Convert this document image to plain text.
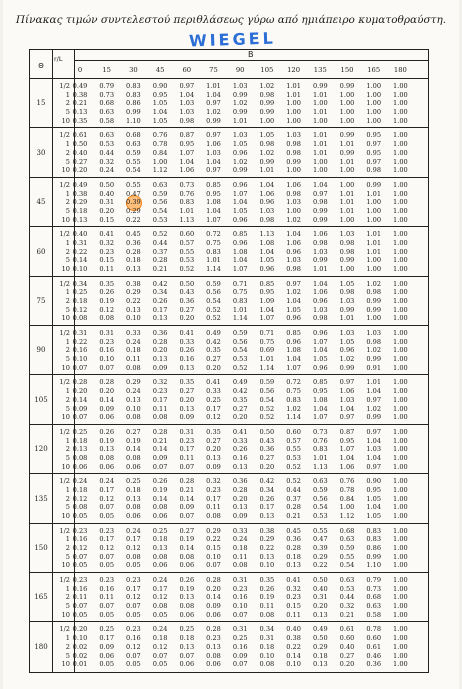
Πίνακας τιμών συντελεστού περιθλάσεως γύρω από ημιάπειρο κυματοθραύστη.
WIEGEL
Θ
r/L	B
0	15	30	45	60	75	90	105	120	135	150	165	180
15
1/2 0.49	0.79	0.83	0.90	0.97	1.01	1.03	1.02	1.01	0.99	0.99	1.00	1.00
1 0.38	0.73	0.83	0.95	1.04	1.04	0.99	0.98	1.01	1.01	1.00	1.00	1.00
2 0.21	0.68	0.86	1.05	1.03	0.97	1.02	0.99	1.00	1.00	1.00	1.00	1.00
5 0.13	0.63	0.99	1.04	1.03	1.02	0.99	0.99	1.00	1.01	1.00	1.00	1.00
10 0.35	0.58	1.10	1.05	0.98	0.99	1.01	1.00	1.00	1.00	1.00	1.00	1.00
30
1/2 0.61	0.63	0.68	0.76	0.87	0.97	1.03	1.05	1.03	1.01	0.99	0.95	1.00
1 0.50	0.53	0.63	0.78	0.95	1.06	1.05	0.98	0.98	1.01	1.01	0.97	1.00
2 0.40	0.44	0.59	0.84	1.07	1.03	0.96	1.02	0.98	1.01	0.99	0.95	1.00
5 0.27	0.32	0.55	1.00	1.04	1.04	1.02	0.99	0.99	1.00	1.01	0.97	1.00
10 0.20	0.24	0.54	1.12	1.06	0.97	0.99	1.01	1.00	1.00	1.00	0.98	1.00
45
1/2 0.49	0.50	0.55	0.63	0.73	0.85	0.96	1.04	1.06	1.04	1.00	0.99	1.00
1 0.38	0.40	0.47	0.59	0.76	0.95	1.07	1.06	0.98	0.97	1.01	1.01	1.00
2 0.29	0.31	0.39	0.56	0.83	1.08	1.04	0.96	1.03	0.98	1.01	1.00	1.00
5 0.18	0.20	0.29	0.54	1.01	1.04	1.05	1.03	1.00	0.99	1.01	1.00	1.00
10 0.13	0.15	0.22	0.53	1.13	1.07	0.96	0.98	1.02	0.99	1.00	1.00	1.00
60
1/2 0.40	0.41	0.45	0.52	0.60	0.72	0.85	1.13	1.04	1.06	1.03	1.01	1.00
1 0.31	0.32	0.36	0.44	0.57	0.75	0.96	1.08	1.06	0.98	0.98	1.01	1.00
2 0.22	0.23	0.28	0.37	0.55	0.83	1.08	1.04	0.96	1.03	0.98	1.01	1.00
5 0.14	0.15	0.18	0.28	0.53	1.01	1.04	1.05	1.03	0.99	0.99	1.00	1.00
10 0.10	0.11	0.13	0.21	0.52	1.14	1.07	0.96	0.98	1.01	1.00	1.00	1.00
75
1/2 0.34	0.35	0.38	0.42	0.50	0.59	0.71	0.85	0.97	1.04	1.05	1.02	1.00
1 0.25	0.26	0.29	0.34	0.43	0.56	0.75	0.95	1.02	1.06	0.98	0.98	1.00
2 0.18	0.19	0.22	0.26	0.36	0.54	0.83	1.09	1.04	0.96	1.03	0.99	1.00
5 0.12	0.12	0.13	0.17	0.27	0.52	1.01	1.04	1.05	1.03	0.99	0.99	1.00
10 0.08	0.08	0.10	0.13	0.20	0.52	1.14	1.07	0.96	0.98	1.01	1.00	1.00
90
1/2 0.31	0.31	0.33	0.36	0.41	0.49	0.59	0.71	0.85	0.96	1.03	1.03	1.00
1 0.22	0.23	0.24	0.28	0.33	0.42	0.56	0.75	0.96	1.07	1.05	0.98	1.00
2 0.16	0.16	0.18	0.20	0.26	0.35	0.54	0.69	1.08	1.04	0.96	1.02	1.00
5 0.10	0.10	0.11	0.13	0.16	0.27	0.53	1.01	1.04	1.05	1.02	0.99	1.00
10 0.07	0.07	0.08	0.09	0.13	0.20	0.52	1.14	1.07	0.96	0.99	0.91	1.00
105
1/2 0.28	0.28	0.29	0.32	0.35	0.41	0.49	0.59	0.72	0.85	0.97	1.01	1.00
1 0.20	0.20	0.24	0.23	0.27	0.33	0.42	0.56	0.75	0.95	1.06	1.04	1.00
2 0.14	0.14	0.13	0.17	0.20	0.25	0.35	0.54	0.83	1.08	1.03	0.97	1.00
5 0.09	0.09	0.10	0.11	0.13	0.17	0.27	0.52	1.02	1.04	1.04	1.02	1.00
10 0.07	0.06	0.08	0.08	0.09	0.12	0.20	0.52	1.14	1.07	0.97	0.99	1.00
120
1/2 0.25	0.26	0.27	0.28	0.31	0.35	0.41	0.50	0.60	0.73	0.87	0.97	1.00
1 0.18	0.19	0.19	0.21	0.23	0.27	0.33	0.43	0.57	0.76	0.95	1.04	1.00
2 0.13	0.13	0.14	0.14	0.17	0.20	0.26	0.36	0.55	0.83	1.07	1.03	1.00
5 0.08	0.08	0.08	0.09	0.11	0.13	0.16	0.27	0.53	1.01	1.04	1.04	1.00
10 0.06	0.06	0.06	0.07	0.07	0.09	0.13	0.20	0.52	1.13	1.06	0.97	1.00
135
1/2 0.24	0.24	0.25	0.26	0.28	0.32	0.36	0.42	0.52	0.63	0.76	0.90	1.00
1 0.18	0.17	0.18	0.19	0.21	0.23	0.28	0.34	0.44	0.59	0.78	0.95	1.00
2 0.12	0.12	0.13	0.14	0.14	0.17	0.20	0.26	0.37	0.56	0.84	1.05	1.00
5 0.08	0.07	0.08	0.08	0.09	0.11	0.13	0.17	0.28	0.54	1.00	1.04	1.00
10 0.05	0.05	0.06	0.06	0.07	0.08	0.09	0.13	0.21	0.53	1.12	1.05	1.00
150
1/2 0.23	0.23	0.24	0.25	0.27	0.29	0.33	0.38	0.45	0.55	0.68	0.83	1.00
1 0.16	0.17	0.17	0.18	0.19	0.22	0.24	0.29	0.36	0.47	0.63	0.83	1.00
2 0.12	0.12	0.12	0.13	0.14	0.15	0.18	0.22	0.28	0.39	0.59	0.86	1.00
5 0.07	0.07	0.08	0.08	0.08	0.10	0.11	0.13	0.18	0.29	0.55	0.99	1.00
10 0.05	0.05	0.05	0.06	0.06	0.07	0.08	0.10	0.13	0.22	0.54	1.10	1.00
165
1/2 0.23	0.23	0.23	0.24	0.26	0.28	0.31	0.35	0.41	0.50	0.63	0.79	1.00
1 0.16	0.16	0.17	0.17	0.19	0.20	0.23	0.26	0.32	0.40	0.53	0.73	1.00
2 0.11	0.11	0.12	0.12	0.13	0.14	0.16	0.19	0.23	0.31	0.44	0.68	1.00
5 0.07	0.07	0.07	0.08	0.08	0.09	0.10	0.11	0.15	0.20	0.32	0.63	1.00
10 0.05	0.05	0.05	0.05	0.06	0.06	0.07	0.08	0.11	0.13	0.21	0.58	1.00
180
1/2 0.20	0.25	0.23	0.24	0.25	0.28	0.31	0.34	0.40	0.49	0.61	0.78	1.00
1 0.10	0.17	0.16	0.18	0.18	0.23	0.25	0.31	0.38	0.50	0.60	0.60	1.00
2 0.02	0.09	0.12	0.12	0.13	0.13	0.16	0.18	0.22	0.29	0.40	0.61	1.00
5 0.02	0.06	0.07	0.07	0.07	0.08	0.09	0.10	0.14	0.18	0.27	0.46	1.00
10 0.01	0.05	0.05	0.05	0.06	0.06	0.07	0.08	0.10	0.13	0.20	0.36	1.00
